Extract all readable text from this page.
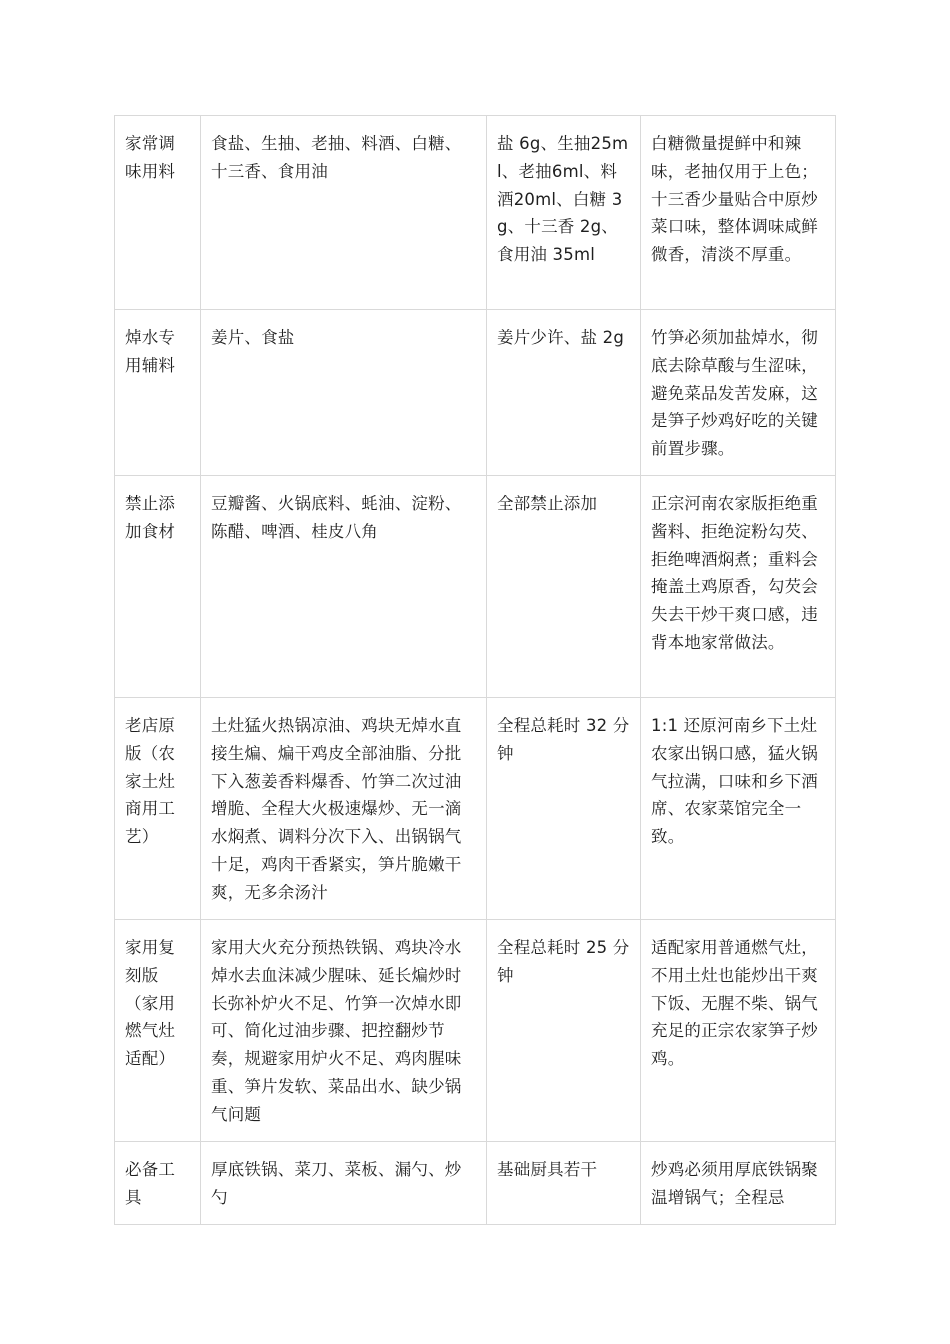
家常调味用料	食盐、生抽、老抽、料酒、白糖、十三香、食用油	盐 6g、生抽25ml、老抽6ml、料酒20ml、白糖 3g、十三香 2g、食用油 35ml	白糖微量提鲜中和辣味，老抽仅用于上色；十三香少量贴合中原炒菜口味，整体调味咸鲜微香，清淡不厚重。
焯水专用辅料	姜片、食盐	姜片少许、盐 2g	竹笋必须加盐焯水，彻底去除草酸与生涩味，避免菜品发苦发麻，这是笋子炒鸡好吃的关键前置步骤。
禁止添加食材	豆瓣酱、火锅底料、蚝油、淀粉、陈醋、啤酒、桂皮八角	全部禁止添加	正宗河南农家版拒绝重酱料、拒绝淀粉勾芡、拒绝啤酒焖煮；重料会掩盖土鸡原香，勾芡会失去干炒干爽口感，违背本地家常做法。
老店原版（农家土灶商用工艺）	土灶猛火热锅凉油、鸡块无焯水直接生煸、煸干鸡皮全部油脂、分批下入葱姜香料爆香、竹笋二次过油增脆、全程大火极速爆炒、无一滴水焖煮、调料分次下入、出锅锅气十足，鸡肉干香紧实，笋片脆嫩干爽，无多余汤汁	全程总耗时 32 分钟	1:1 还原河南乡下土灶农家出锅口感，猛火锅气拉满，口味和乡下酒席、农家菜馆完全一致。
家用复刻版（家用燃气灶适配）	家用大火充分预热铁锅、鸡块冷水焯水去血沫减少腥味、延长煸炒时长弥补炉火不足、竹笋一次焯水即可、简化过油步骤、把控翻炒节奏，规避家用炉火不足、鸡肉腥味重、笋片发软、菜品出水、缺少锅气问题	全程总耗时 25 分钟	适配家用普通燃气灶，不用土灶也能炒出干爽下饭、无腥不柴、锅气充足的正宗农家笋子炒鸡。
必备工具	厚底铁锅、菜刀、菜板、漏勺、炒勺	基础厨具若干	炒鸡必须用厚底铁锅聚温增锅气；全程忌
